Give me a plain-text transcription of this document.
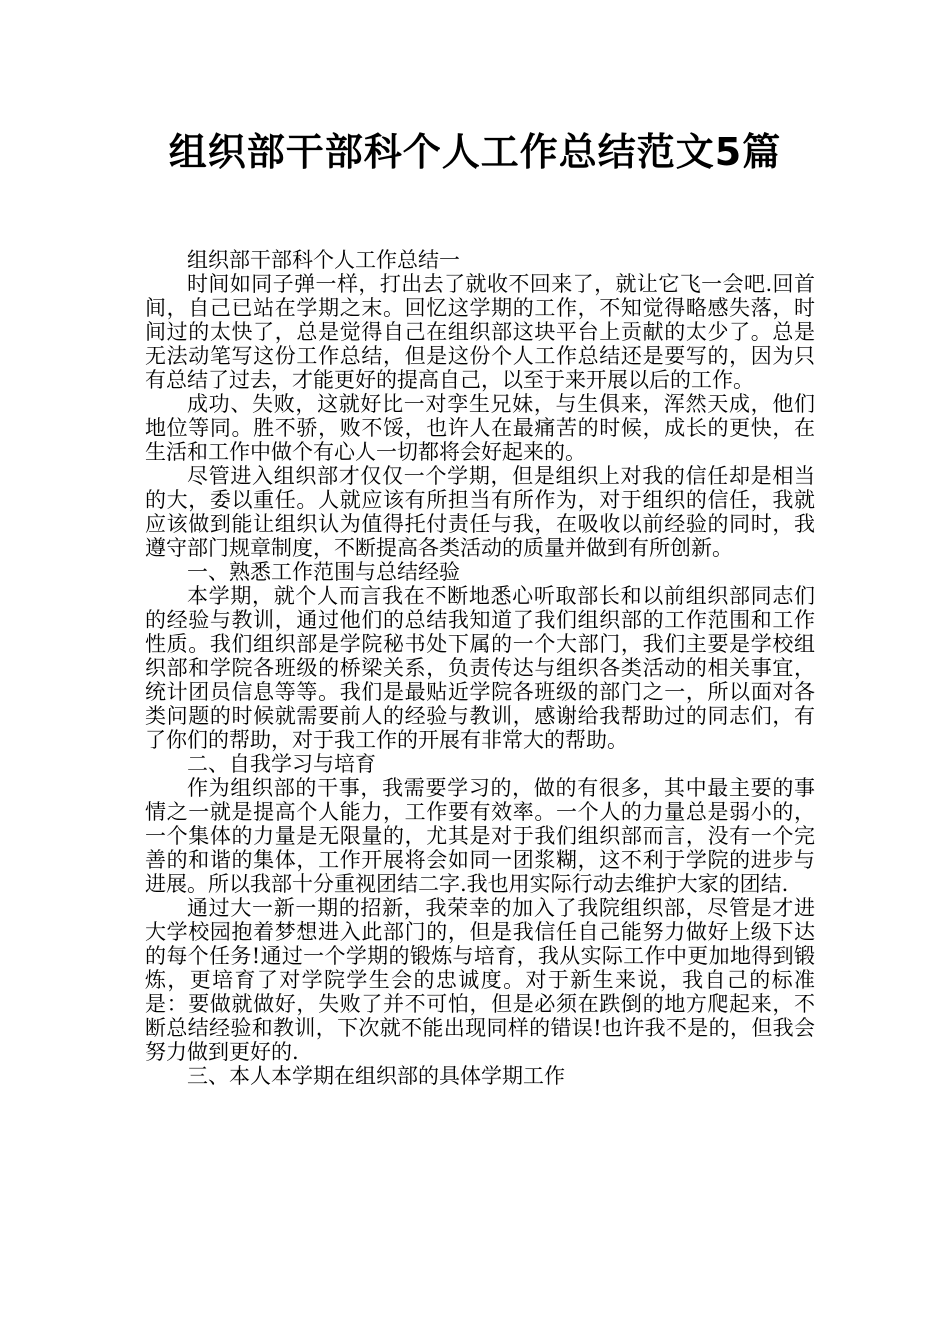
组织部干部科个人工作总结范文5篇

组织部干部科个人工作总结一

时间如同子弹一样，打出去了就收不回来了，就让它飞一会吧.回首间，自己已站在学期之末。回忆这学期的工作，不知觉得略感失落，时间过的太快了，总是觉得自己在组织部这块平台上贡献的太少了。总是无法动笔写这份工作总结，但是这份个人工作总结还是要写的，因为只有总结了过去，才能更好的提高自己，以至于来开展以后的工作。

成功、失败，这就好比一对孪生兄妹，与生俱来，浑然天成，他们地位等同。胜不骄，败不馁，也许人在最痛苦的时候，成长的更快，在生活和工作中做个有心人一切都将会好起来的。

尽管进入组织部才仅仅一个学期，但是组织上对我的信任却是相当的大，委以重任。人就应该有所担当有所作为，对于组织的信任，我就应该做到能让组织认为值得托付责任与我，在吸收以前经验的同时，我遵守部门规章制度，不断提高各类活动的质量并做到有所创新。

一、熟悉工作范围与总结经验

本学期，就个人而言我在不断地悉心听取部长和以前组织部同志们的经验与教训，通过他们的总结我知道了我们组织部的工作范围和工作性质。我们组织部是学院秘书处下属的一个大部门，我们主要是学校组织部和学院各班级的桥梁关系，负责传达与组织各类活动的相关事宜，统计团员信息等等。我们是最贴近学院各班级的部门之一，所以面对各类问题的时候就需要前人的经验与教训，感谢给我帮助过的同志们，有了你们的帮助，对于我工作的开展有非常大的帮助。

二、自我学习与培育

作为组织部的干事，我需要学习的，做的有很多，其中最主要的事情之一就是提高个人能力，工作要有效率。一个人的力量总是弱小的，一个集体的力量是无限量的，尤其是对于我们组织部而言，没有一个完善的和谐的集体，工作开展将会如同一团浆糊，这不利于学院的进步与进展。所以我部十分重视团结二字.我也用实际行动去维护大家的团结.

通过大一新一期的招新，我荣幸的加入了我院组织部，尽管是才进大学校园抱着梦想进入此部门的，但是我信任自己能努力做好上级下达的每个任务!通过一个学期的锻炼与培育，我从实际工作中更加地得到锻炼，更培育了对学院学生会的忠诚度。对于新生来说，我自己的标准是：要做就做好，失败了并不可怕，但是必须在跌倒的地方爬起来，不断总结经验和教训，下次就不能出现同样的错误!也许我不是的，但我会努力做到更好的.

三、本人本学期在组织部的具体学期工作
